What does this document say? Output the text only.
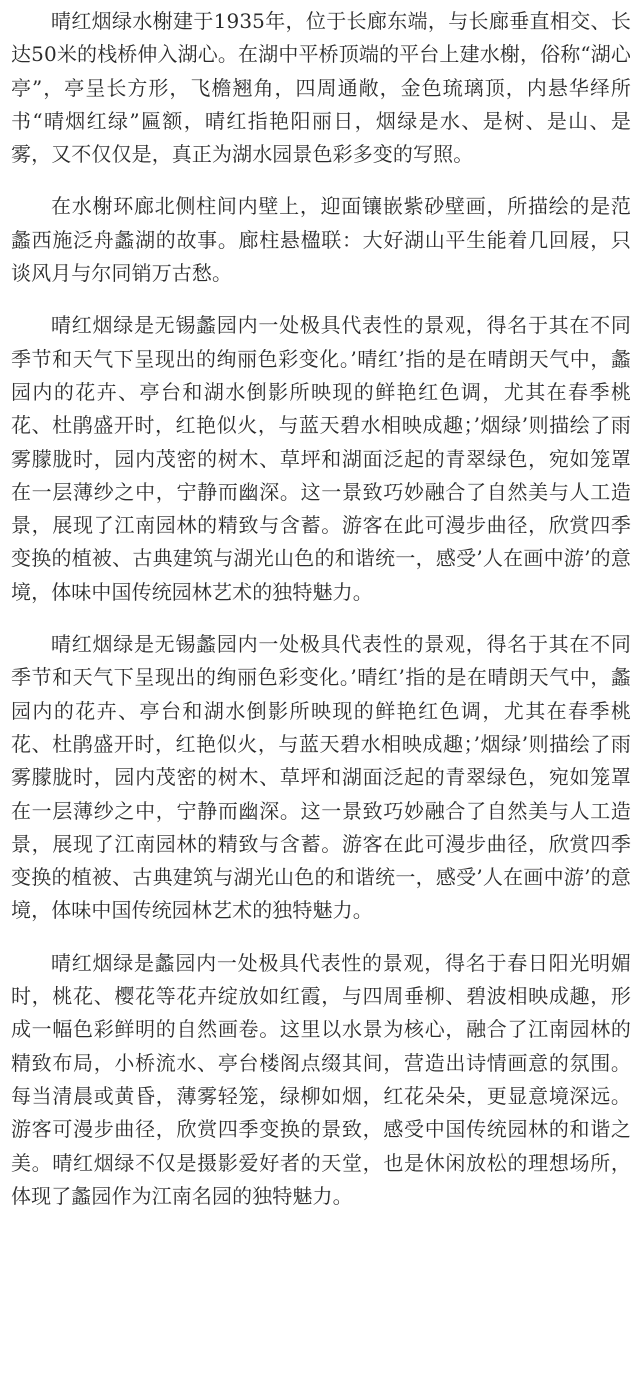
晴红烟绿水榭建于1935年，位于长廊东端，与长廊垂直相交、长达50米的栈桥伸入湖心。在湖中平桥顶端的平台上建水榭，俗称“湖心亭”，亭呈长方形，飞檐翘角，四周通敞，金色琉璃顶，内悬华绎所书“晴烟红绿”匾额，晴红指艳阳丽日，烟绿是水、是树、是山、是雾，又不仅仅是，真正为湖水园景色彩多变的写照。

在水榭环廊北侧柱间内壁上，迎面镶嵌紫砂壁画，所描绘的是范蠡西施泛舟蠡湖的故事。廊柱悬楹联：大好湖山平生能着几回屐，只谈风月与尔同销万古愁。

晴红烟绿是无锡蠡园内一处极具代表性的景观，得名于其在不同季节和天气下呈现出的绚丽色彩变化。’晴红’指的是在晴朗天气中，蠡园内的花卉、亭台和湖水倒影所映现的鲜艳红色调，尤其在春季桃花、杜鹃盛开时，红艳似火，与蓝天碧水相映成趣；’烟绿’则描绘了雨雾朦胧时，园内茂密的树木、草坪和湖面泛起的青翠绿色，宛如笼罩在一层薄纱之中，宁静而幽深。这一景致巧妙融合了自然美与人工造景，展现了江南园林的精致与含蓄。游客在此可漫步曲径，欣赏四季变换的植被、古典建筑与湖光山色的和谐统一，感受’人在画中游’的意境，体味中国传统园林艺术的独特魅力。

晴红烟绿是无锡蠡园内一处极具代表性的景观，得名于其在不同季节和天气下呈现出的绚丽色彩变化。’晴红’指的是在晴朗天气中，蠡园内的花卉、亭台和湖水倒影所映现的鲜艳红色调，尤其在春季桃花、杜鹃盛开时，红艳似火，与蓝天碧水相映成趣；’烟绿’则描绘了雨雾朦胧时，园内茂密的树木、草坪和湖面泛起的青翠绿色，宛如笼罩在一层薄纱之中，宁静而幽深。这一景致巧妙融合了自然美与人工造景，展现了江南园林的精致与含蓄。游客在此可漫步曲径，欣赏四季变换的植被、古典建筑与湖光山色的和谐统一，感受’人在画中游’的意境，体味中国传统园林艺术的独特魅力。

晴红烟绿是蠡园内一处极具代表性的景观，得名于春日阳光明媚时，桃花、樱花等花卉绽放如红霞，与四周垂柳、碧波相映成趣，形成一幅色彩鲜明的自然画卷。这里以水景为核心，融合了江南园林的精致布局，小桥流水、亭台楼阁点缀其间，营造出诗情画意的氛围。每当清晨或黄昏，薄雾轻笼，绿柳如烟，红花朵朵，更显意境深远。游客可漫步曲径，欣赏四季变换的景致，感受中国传统园林的和谐之美。晴红烟绿不仅是摄影爱好者的天堂，也是休闲放松的理想场所，体现了蠡园作为江南名园的独特魅力。
